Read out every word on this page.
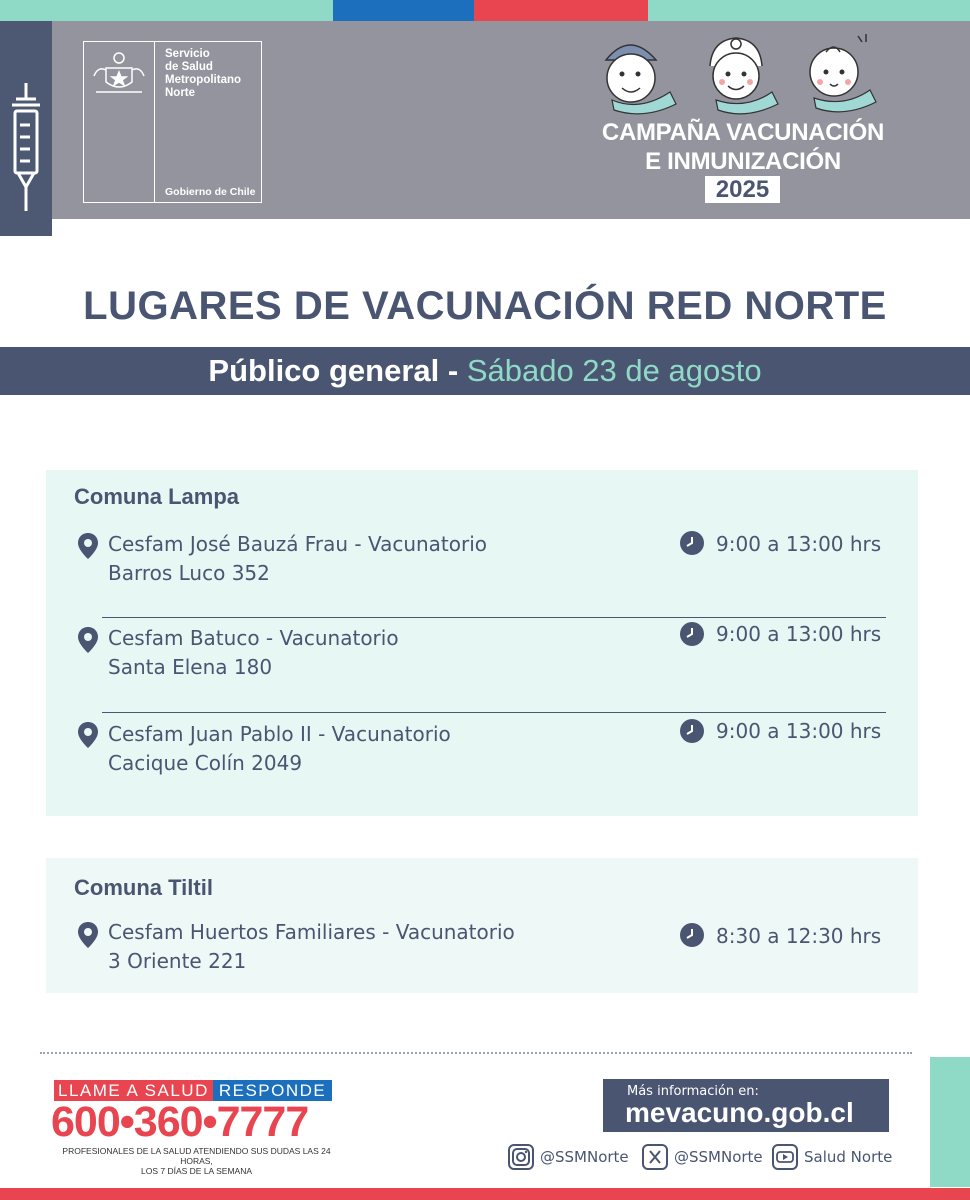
Servicio
de Salud
Metropolitano
Norte
Gobierno de Chile
CAMPAÑA VACUNACIÓN
E INMUNIZACIÓN
2025
LUGARES DE VACUNACIÓN RED NORTE
Público general - Sábado 23 de agosto
Comuna Lampa
Cesfam José Bauzá Frau - Vacunatorio
Barros Luco 352
9:00 a 13:00 hrs
Cesfam Batuco - Vacunatorio
Santa Elena 180
9:00 a 13:00 hrs
Cesfam Juan Pablo II - Vacunatorio
Cacique Colín 2049
9:00 a 13:00 hrs
Comuna Tiltil
Cesfam Huertos Familiares - Vacunatorio
3 Oriente 221
8:30 a 12:30 hrs
LLAME A SALUD RESPONDE
600•360•7777
PROFESIONALES DE LA SALUD ATENDIENDO SUS DUDAS LAS 24 HORAS,
LOS 7 DÍAS DE LA SEMANA
Más información en:
mevacuno.gob.cl
@SSMNorte	@SSMNorte	Salud Norte
